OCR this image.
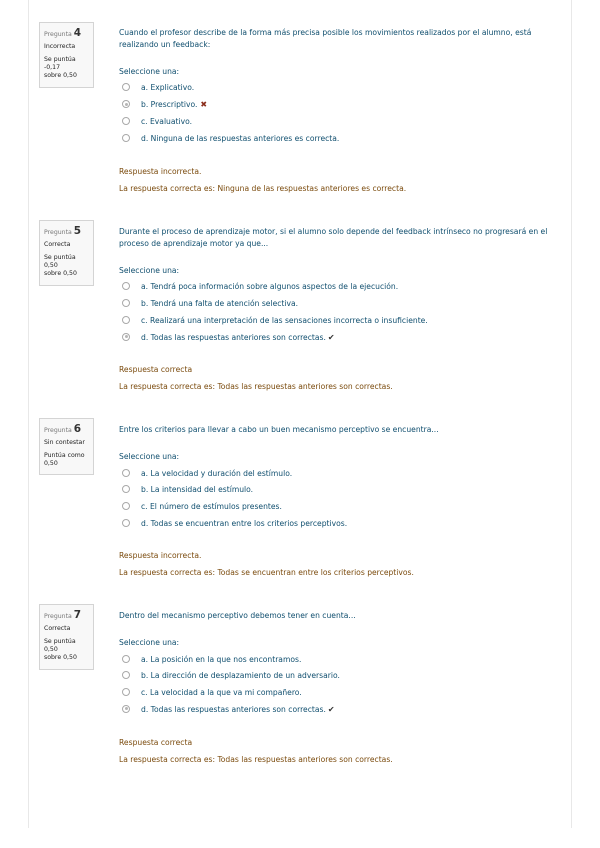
Pregunta 4
Incorrecta
Se puntúa -0,17
sobre 0,50
Cuando el profesor describe de la forma más precisa posible los movimientos realizados por el alumno, está realizando un feedback:
Seleccione una:
a. Explicativo.
b. Prescriptivo. ✖
c. Evaluativo.
d. Ninguna de las respuestas anteriores es correcta.
Respuesta incorrecta.
La respuesta correcta es: Ninguna de las respuestas anteriores es correcta.
Pregunta 5
Correcta
Se puntúa 0,50
sobre 0,50
Durante el proceso de aprendizaje motor, si el alumno solo depende del feedback intrínseco no progresará en el proceso de aprendizaje motor ya que...
Seleccione una:
a. Tendrá poca información sobre algunos aspectos de la ejecución.
b. Tendrá una falta de atención selectiva.
c. Realizará una interpretación de las sensaciones incorrecta o insuficiente.
d. Todas las respuestas anteriores son correctas. ✔
Respuesta correcta
La respuesta correcta es: Todas las respuestas anteriores son correctas.
Pregunta 6
Sin contestar
Puntúa como
0,50
Entre los criterios para llevar a cabo un buen mecanismo perceptivo se encuentra...
Seleccione una:
a. La velocidad y duración del estímulo.
b. La intensidad del estímulo.
c. El número de estímulos presentes.
d. Todas se encuentran entre los criterios perceptivos.
Respuesta incorrecta.
La respuesta correcta es: Todas se encuentran entre los criterios perceptivos.
Pregunta 7
Correcta
Se puntúa 0,50
sobre 0,50
Dentro del mecanismo perceptivo debemos tener en cuenta...
Seleccione una:
a. La posición en la que nos encontramos.
b. La dirección de desplazamiento de un adversario.
c. La velocidad a la que va mi compañero.
d. Todas las respuestas anteriores son correctas. ✔
Respuesta correcta
La respuesta correcta es: Todas las respuestas anteriores son correctas.
